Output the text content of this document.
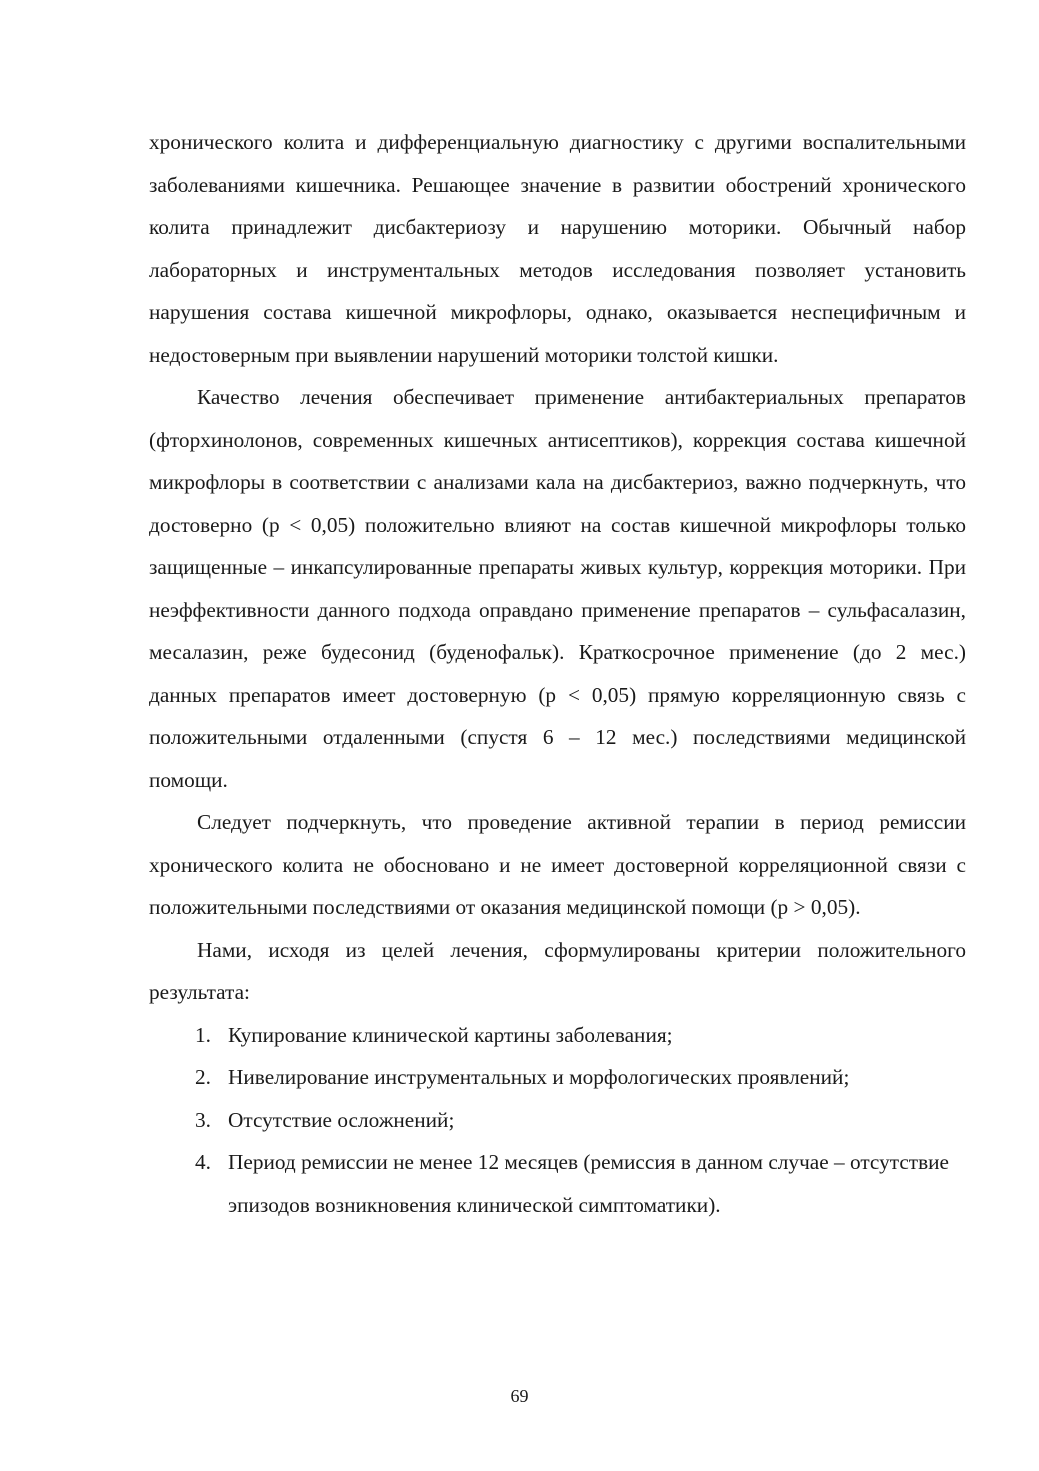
хронического колита и дифференциальную диагностику с другими воспалительными заболеваниями кишечника. Решающее значение в развитии обострений хронического колита принадлежит дисбактериозу и нарушению моторики. Обычный набор лабораторных и инструментальных методов исследования позволяет установить нарушения состава кишечной микрофлоры, однако, оказывается неспецифичным и недостоверным при выявлении нарушений моторики толстой кишки.

Качество лечения обеспечивает применение антибактериальных препаратов (фторхинолонов, современных кишечных антисептиков), коррекция состава кишечной микрофлоры в соответствии с анализами кала на дисбактериоз, важно подчеркнуть, что достоверно (p < 0,05) положительно влияют на состав кишечной микрофлоры только защищенные – инкапсулированные препараты живых культур, коррекция моторики. При неэффективности данного подхода оправдано применение препаратов – сульфасалазин, месалазин, реже будесонид (буденофальк). Краткосрочное применение (до 2 мес.) данных препаратов имеет достоверную (p < 0,05) прямую корреляционную связь с положительными отдаленными (спустя 6 – 12 мес.) последствиями медицинской помощи.

Следует подчеркнуть, что проведение активной терапии в период ремиссии хронического колита не обосновано и не имеет достоверной корреляционной связи с положительными последствиями от оказания медицинской помощи (p > 0,05).

Нами, исходя из целей лечения, сформулированы критерии положительного результата:

1. Купирование клинической картины заболевания;
2. Нивелирование инструментальных и морфологических проявлений;
3. Отсутствие осложнений;
4. Период ремиссии не менее 12 месяцев (ремиссия в данном случае – отсутствие эпизодов возникновения клинической симптоматики).
69
